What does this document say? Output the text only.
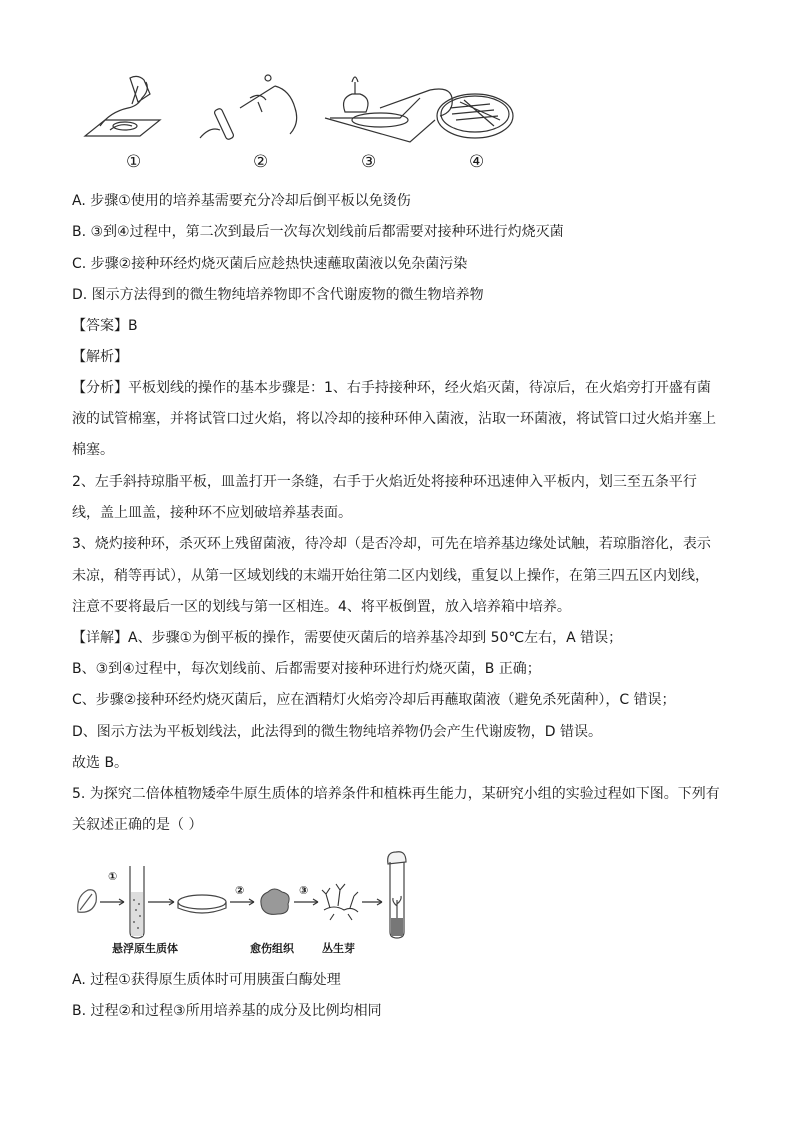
①	②	③	④
A. 步骤①使用的培养基需要充分冷却后倒平板以免烫伤
B. ③到④过程中，第二次到最后一次每次划线前后都需要对接种环进行灼烧灭菌
C. 步骤②接种环经灼烧灭菌后应趁热快速蘸取菌液以免杂菌污染
D. 图示方法得到的微生物纯培养物即不含代谢废物的微生物培养物
【答案】B
【解析】
【分析】平板划线的操作的基本步骤是：1、右手持接种环，经火焰灭菌，待凉后，在火焰旁打开盛有菌
液的试管棉塞，并将试管口过火焰，将以冷却的接种环伸入菌液，沾取一环菌液，将试管口过火焰并塞上
棉塞。
2、左手斜持琼脂平板，皿盖打开一条缝，右手于火焰近处将接种环迅速伸入平板内，划三至五条平行
线，盖上皿盖，接种环不应划破培养基表面。
3、烧灼接种环，杀灭环上残留菌液，待冷却（是否冷却，可先在培养基边缘处试触，若琼脂溶化，表示
未凉，稍等再试），从第一区域划线的末端开始往第二区内划线，重复以上操作，在第三四五区内划线，
注意不要将最后一区的划线与第一区相连。4、将平板倒置，放入培养箱中培养。
【详解】A、步骤①为倒平板的操作，需要使灭菌后的培养基冷却到 50℃左右，A 错误；
B、③到④过程中，每次划线前、后都需要对接种环进行灼烧灭菌，B 正确；
C、步骤②接种环经灼烧灭菌后，应在酒精灯火焰旁冷却后再蘸取菌液（避免杀死菌种），C 错误；
D、图示方法为平板划线法，此法得到的微生物纯培养物仍会产生代谢废物，D 错误。
故选 B。
5. 为探究二倍体植物矮牵牛原生质体的培养条件和植株再生能力，某研究小组的实验过程如下图。下列有
关叙述正确的是（ ）
①
②	③
悬浮原生质体	愈伤组织	丛生芽
A. 过程①获得原生质体时可用胰蛋白酶处理
B. 过程②和过程③所用培养基的成分及比例均相同
